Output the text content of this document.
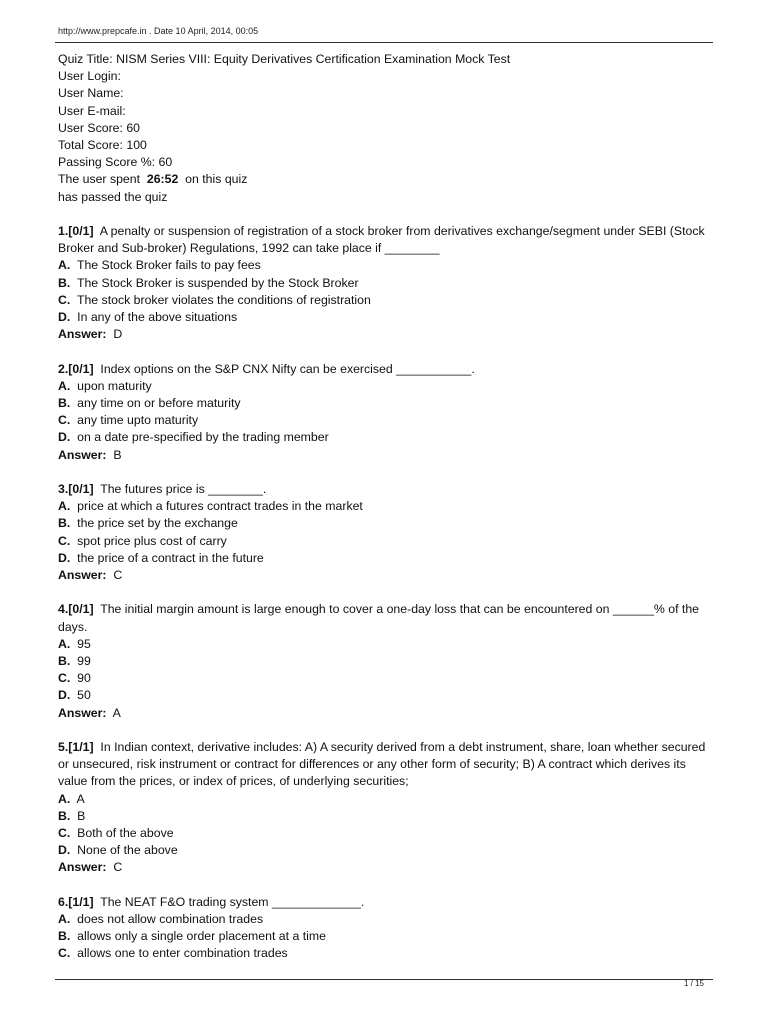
http://www.prepcafe.in . Date 10 April, 2014, 00:05
Quiz Title: NISM Series VIII: Equity Derivatives Certification Examination Mock Test
User Login:
User Name:
User E-mail:
User Score: 60
Total Score: 100
Passing Score %: 60
The user spent 26:52 on this quiz
has passed the quiz
1.[0/1] A penalty or suspension of registration of a stock broker from derivatives exchange/segment under SEBI (Stock Broker and Sub-broker) Regulations, 1992 can take place if ________
A. The Stock Broker fails to pay fees
B. The Stock Broker is suspended by the Stock Broker
C. The stock broker violates the conditions of registration
D. In any of the above situations
Answer: D
2.[0/1] Index options on the S&P CNX Nifty can be exercised ___________.
A. upon maturity
B. any time on or before maturity
C. any time upto maturity
D. on a date pre-specified by the trading member
Answer: B
3.[0/1] The futures price is ________.
A. price at which a futures contract trades in the market
B. the price set by the exchange
C. spot price plus cost of carry
D. the price of a contract in the future
Answer: C
4.[0/1] The initial margin amount is large enough to cover a one-day loss that can be encountered on ______% of the days.
A. 95
B. 99
C. 90
D. 50
Answer: A
5.[1/1] In Indian context, derivative includes: A) A security derived from a debt instrument, share, loan whether secured or unsecured, risk instrument or contract for differences or any other form of security; B) A contract which derives its value from the prices, or index of prices, of underlying securities;
A. A
B. B
C. Both of the above
D. None of the above
Answer: C
6.[1/1] The NEAT F&O trading system _____________.
A. does not allow combination trades
B. allows only a single order placement at a time
C. allows one to enter combination trades
1 / 15
